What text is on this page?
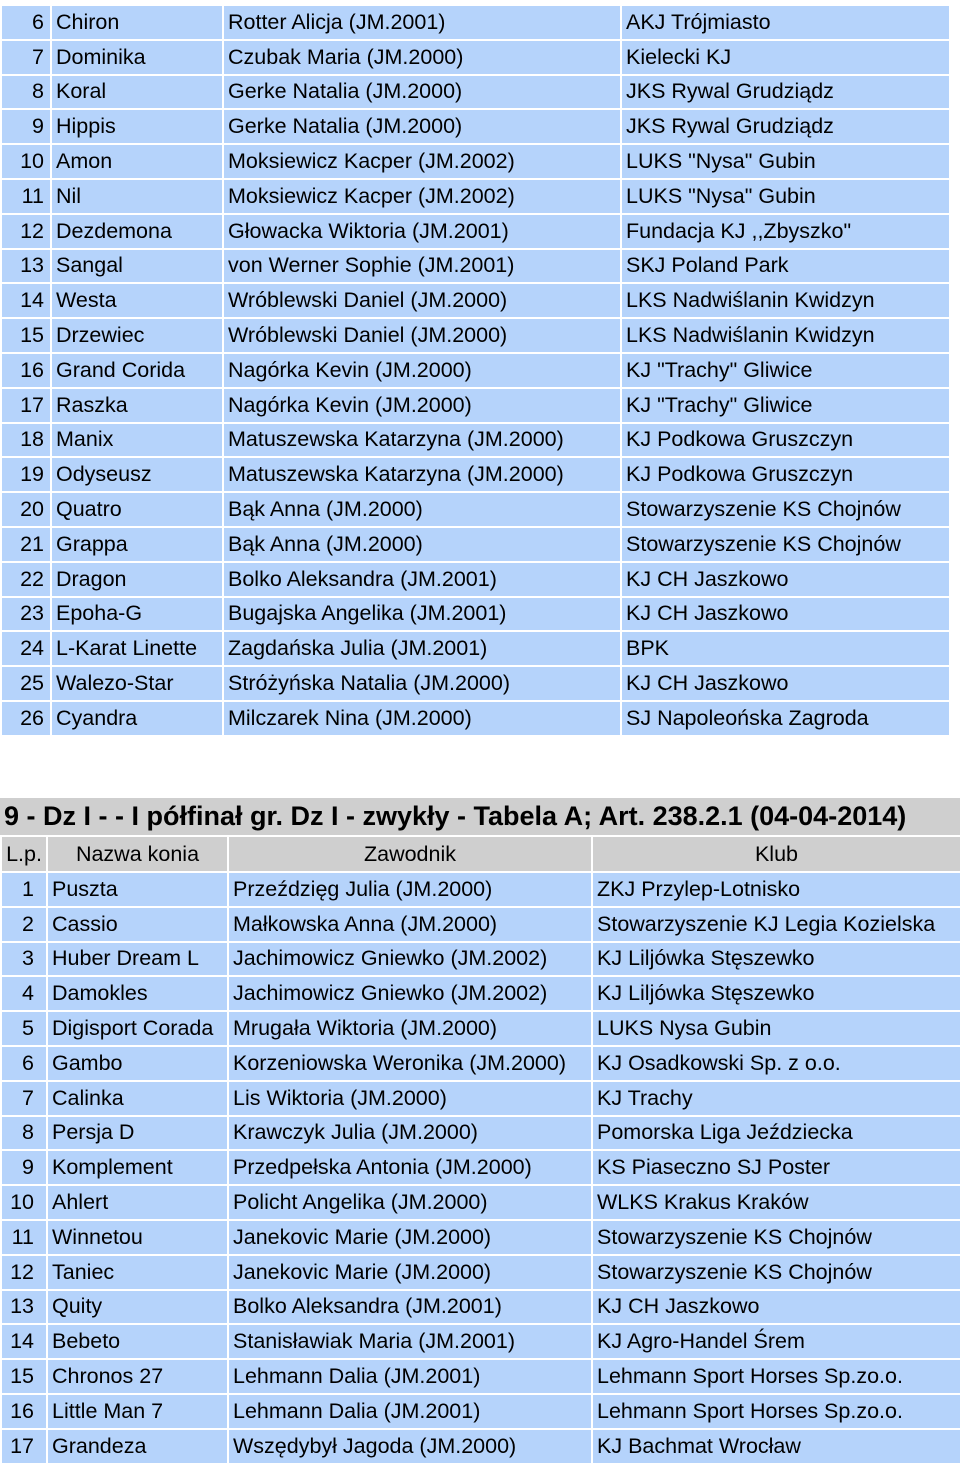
6	Chiron	Rotter Alicja (JM.2001)	AKJ Trójmiasto
7	Dominika	Czubak Maria (JM.2000)	Kielecki KJ
8	Koral	Gerke Natalia (JM.2000)	JKS Rywal Grudziądz
9	Hippis	Gerke Natalia (JM.2000)	JKS Rywal Grudziądz
10	Amon	Moksiewicz Kacper (JM.2002)	LUKS "Nysa" Gubin
11	Nil	Moksiewicz Kacper (JM.2002)	LUKS "Nysa" Gubin
12	Dezdemona	Głowacka Wiktoria (JM.2001)	Fundacja KJ ,,Zbyszko"
13	Sangal	von Werner Sophie (JM.2001)	SKJ Poland Park
14	Westa	Wróblewski Daniel (JM.2000)	LKS Nadwiślanin Kwidzyn
15	Drzewiec	Wróblewski Daniel (JM.2000)	LKS Nadwiślanin Kwidzyn
16	Grand Corida	Nagórka Kevin (JM.2000)	KJ "Trachy" Gliwice
17	Raszka	Nagórka Kevin (JM.2000)	KJ "Trachy" Gliwice
18	Manix	Matuszewska Katarzyna (JM.2000)	KJ Podkowa Gruszczyn
19	Odyseusz	Matuszewska Katarzyna (JM.2000)	KJ Podkowa Gruszczyn
20	Quatro	Bąk Anna (JM.2000)	Stowarzyszenie KS Chojnów
21	Grappa	Bąk Anna (JM.2000)	Stowarzyszenie KS Chojnów
22	Dragon	Bolko Aleksandra (JM.2001)	KJ CH Jaszkowo
23	Epoha-G	Bugajska Angelika (JM.2001)	KJ CH Jaszkowo
24	L-Karat Linette	Zagdańska Julia (JM.2001)	BPK
25	Walezo-Star	Stróżyńska Natalia (JM.2000)	KJ CH Jaszkowo
26	Cyandra	Milczarek Nina (JM.2000)	SJ Napoleońska Zagroda
9 - Dz I - - I półfinał gr. Dz I - zwykły - Tabela A; Art. 238.2.1 (04-04-2014)
L.p.	Nazwa konia	Zawodnik	Klub
1	Puszta	Przeździęg Julia (JM.2000)	ZKJ Przylep-Lotnisko
2	Cassio	Małkowska Anna (JM.2000)	Stowarzyszenie KJ Legia Kozielska
3	Huber Dream L	Jachimowicz Gniewko (JM.2002)	KJ Liljówka Stęszewko
4	Damokles	Jachimowicz Gniewko (JM.2002)	KJ Liljówka Stęszewko
5	Digisport Corada	Mrugała Wiktoria (JM.2000)	LUKS Nysa Gubin
6	Gambo	Korzeniowska Weronika (JM.2000)	KJ Osadkowski Sp. z o.o.
7	Calinka	Lis Wiktoria (JM.2000)	KJ Trachy
8	Persja D	Krawczyk Julia (JM.2000)	Pomorska Liga Jeździecka
9	Komplement	Przedpełska Antonia (JM.2000)	KS Piaseczno SJ Poster
10	Ahlert	Policht Angelika (JM.2000)	WLKS Krakus Kraków
11	Winnetou	Janekovic Marie (JM.2000)	Stowarzyszenie KS Chojnów
12	Taniec	Janekovic Marie (JM.2000)	Stowarzyszenie KS Chojnów
13	Quity	Bolko Aleksandra (JM.2001)	KJ CH Jaszkowo
14	Bebeto	Stanisławiak Maria (JM.2001)	KJ Agro-Handel Śrem
15	Chronos 27	Lehmann Dalia (JM.2001)	Lehmann Sport Horses Sp.zo.o.
16	Little Man 7	Lehmann Dalia (JM.2001)	Lehmann Sport Horses Sp.zo.o.
17	Grandeza	Wszędybył Jagoda (JM.2000)	KJ Bachmat Wrocław
